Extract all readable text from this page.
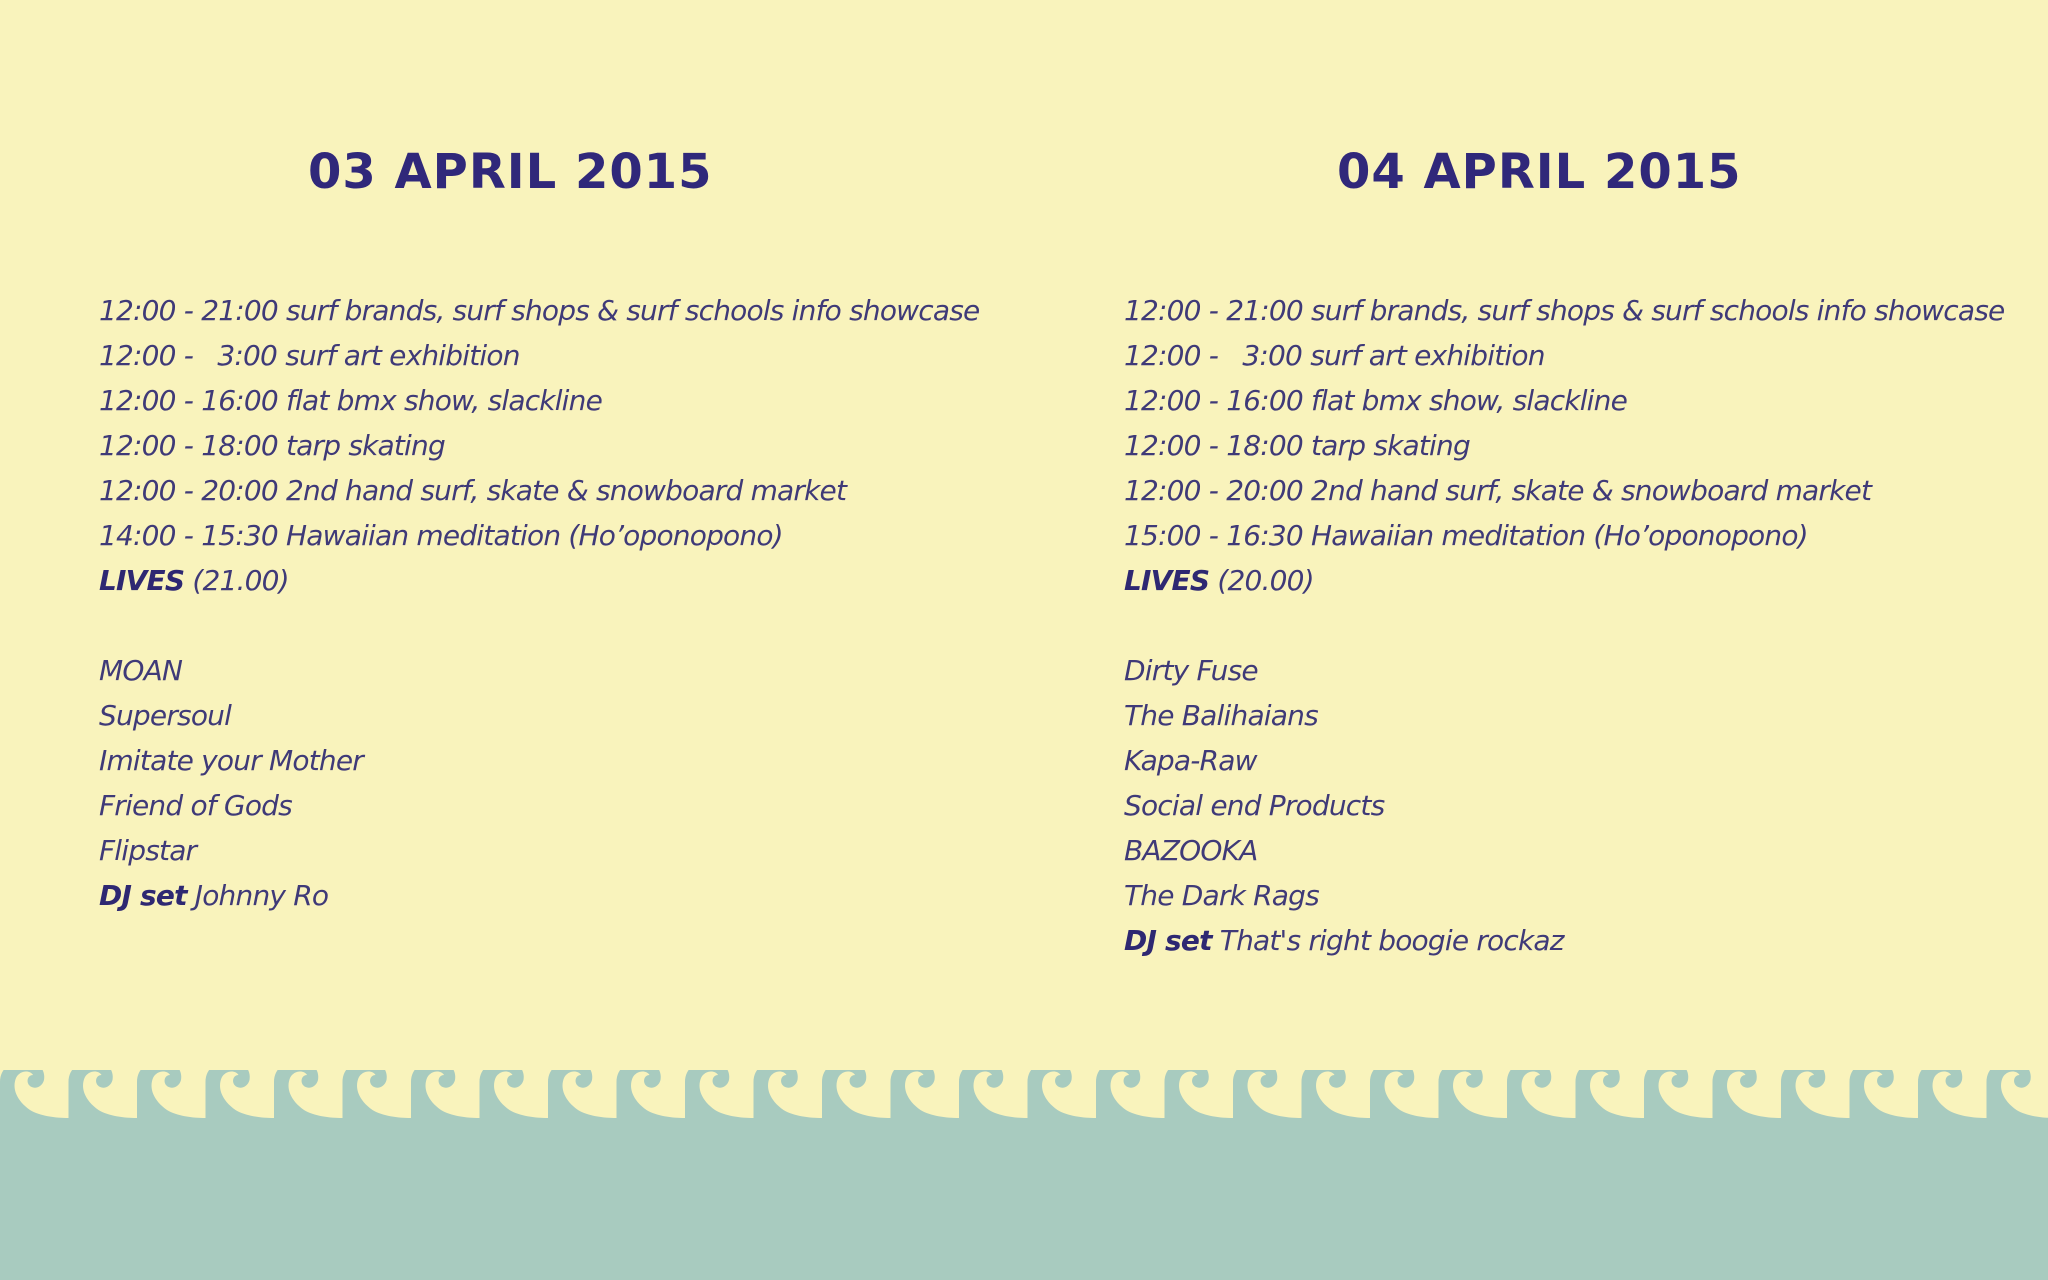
03 APRIL 2015
12:00 - 21:00 surf brands, surf shops & surf schools info showcase
12:00 -   3:00 surf art exhibition
12:00 - 16:00 flat bmx show, slackline
12:00 - 18:00 tarp skating
12:00 - 20:00 2nd hand surf, skate & snowboard market
14:00 - 15:30 Hawaiian meditation (Ho’oponopono)
LIVES (21.00)
MOAN
Supersoul
Imitate your Mother
Friend of Gods
Flipstar
DJ set Johnny Ro
04 APRIL 2015
12:00 - 21:00 surf brands, surf shops & surf schools info showcase
12:00 -   3:00 surf art exhibition
12:00 - 16:00 flat bmx show, slackline
12:00 - 18:00 tarp skating
12:00 - 20:00 2nd hand surf, skate & snowboard market
15:00 - 16:30 Hawaiian meditation (Ho’oponopono)
LIVES (20.00)
Dirty Fuse
The Balihaians
Kapa-Raw
Social end Products
BAZOOKA
The Dark Rags
DJ set That's right boogie rockaz
